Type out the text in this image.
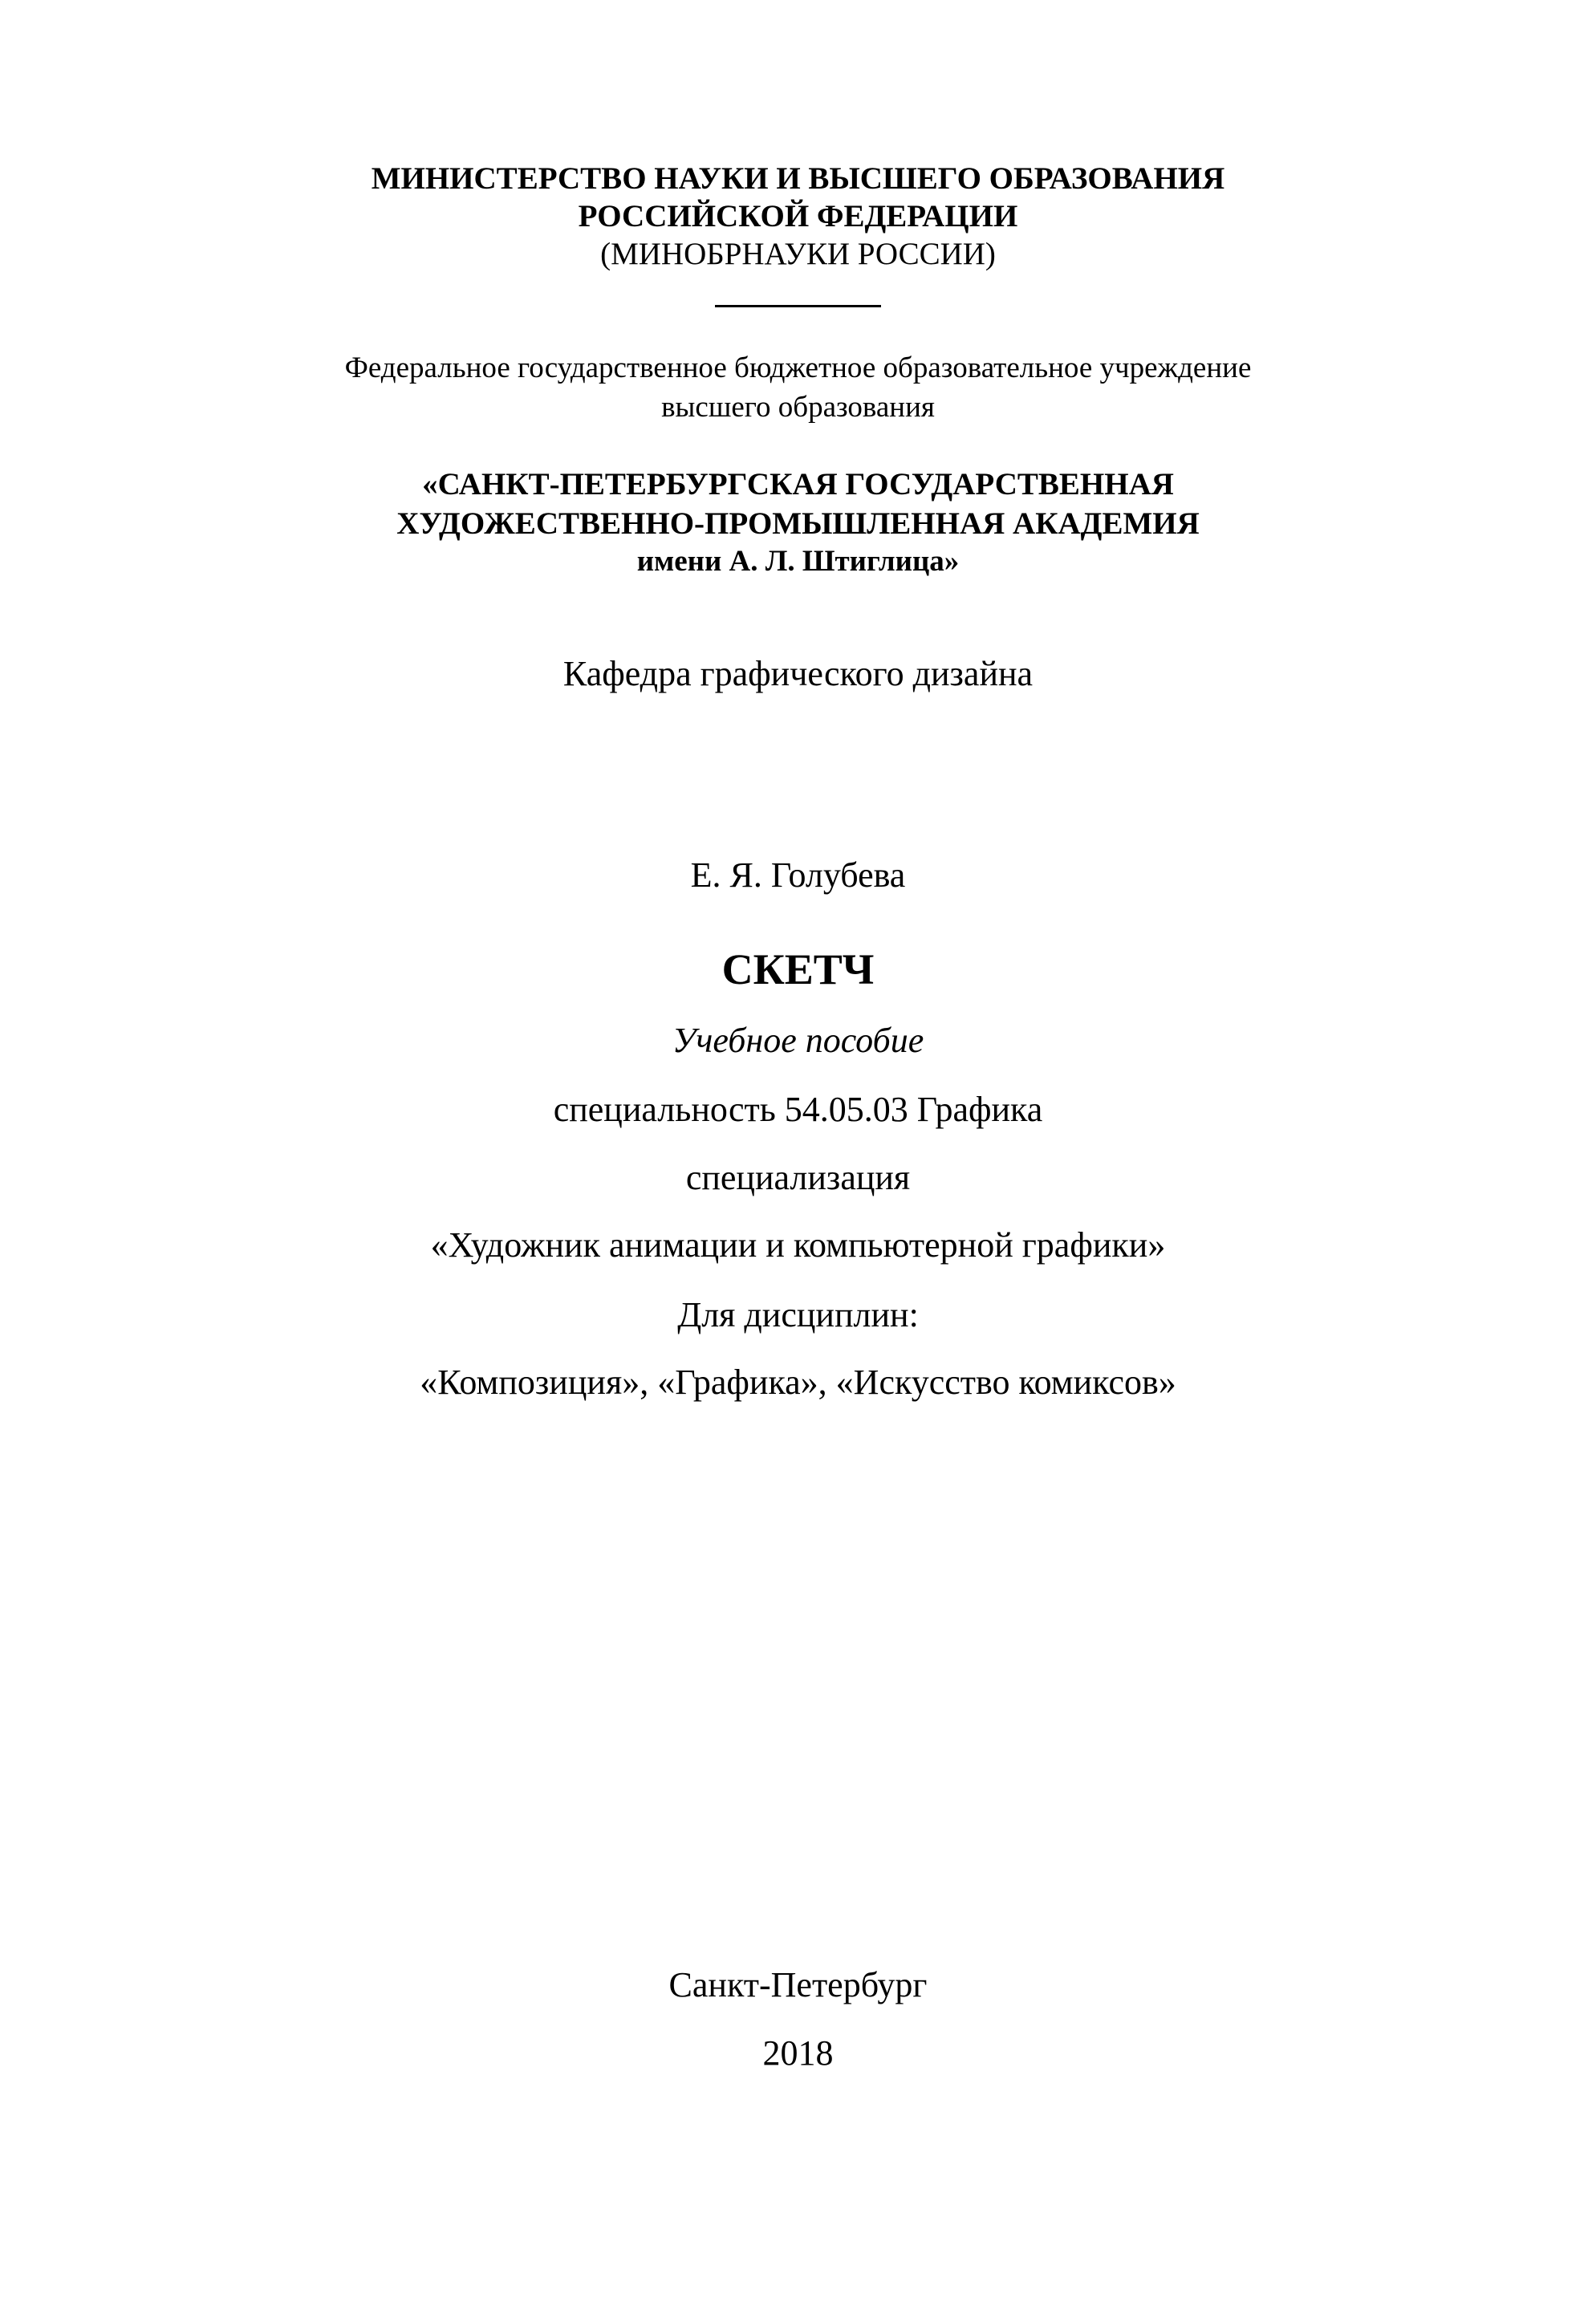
МИНИСТЕРСТВО НАУКИ И ВЫСШЕГО ОБРАЗОВАНИЯ
РОССИЙСКОЙ ФЕДЕРАЦИИ
(МИНОБРНАУКИ РОССИИ)
Федеральное государственное бюджетное образовательное учреждение
высшего образования
«САНКТ-ПЕТЕРБУРГСКАЯ ГОСУДАРСТВЕННАЯ
ХУДОЖЕСТВЕННО-ПРОМЫШЛЕННАЯ АКАДЕМИЯ
имени А. Л. Штиглица»
Кафедра графического дизайна
Е. Я. Голубева
СКЕТЧ
Учебное пособие
специальность 54.05.03 Графика
специализация
«Художник анимации и компьютерной графики»
Для дисциплин:
«Композиция», «Графика», «Искусство комиксов»
Санкт-Петербург
2018
